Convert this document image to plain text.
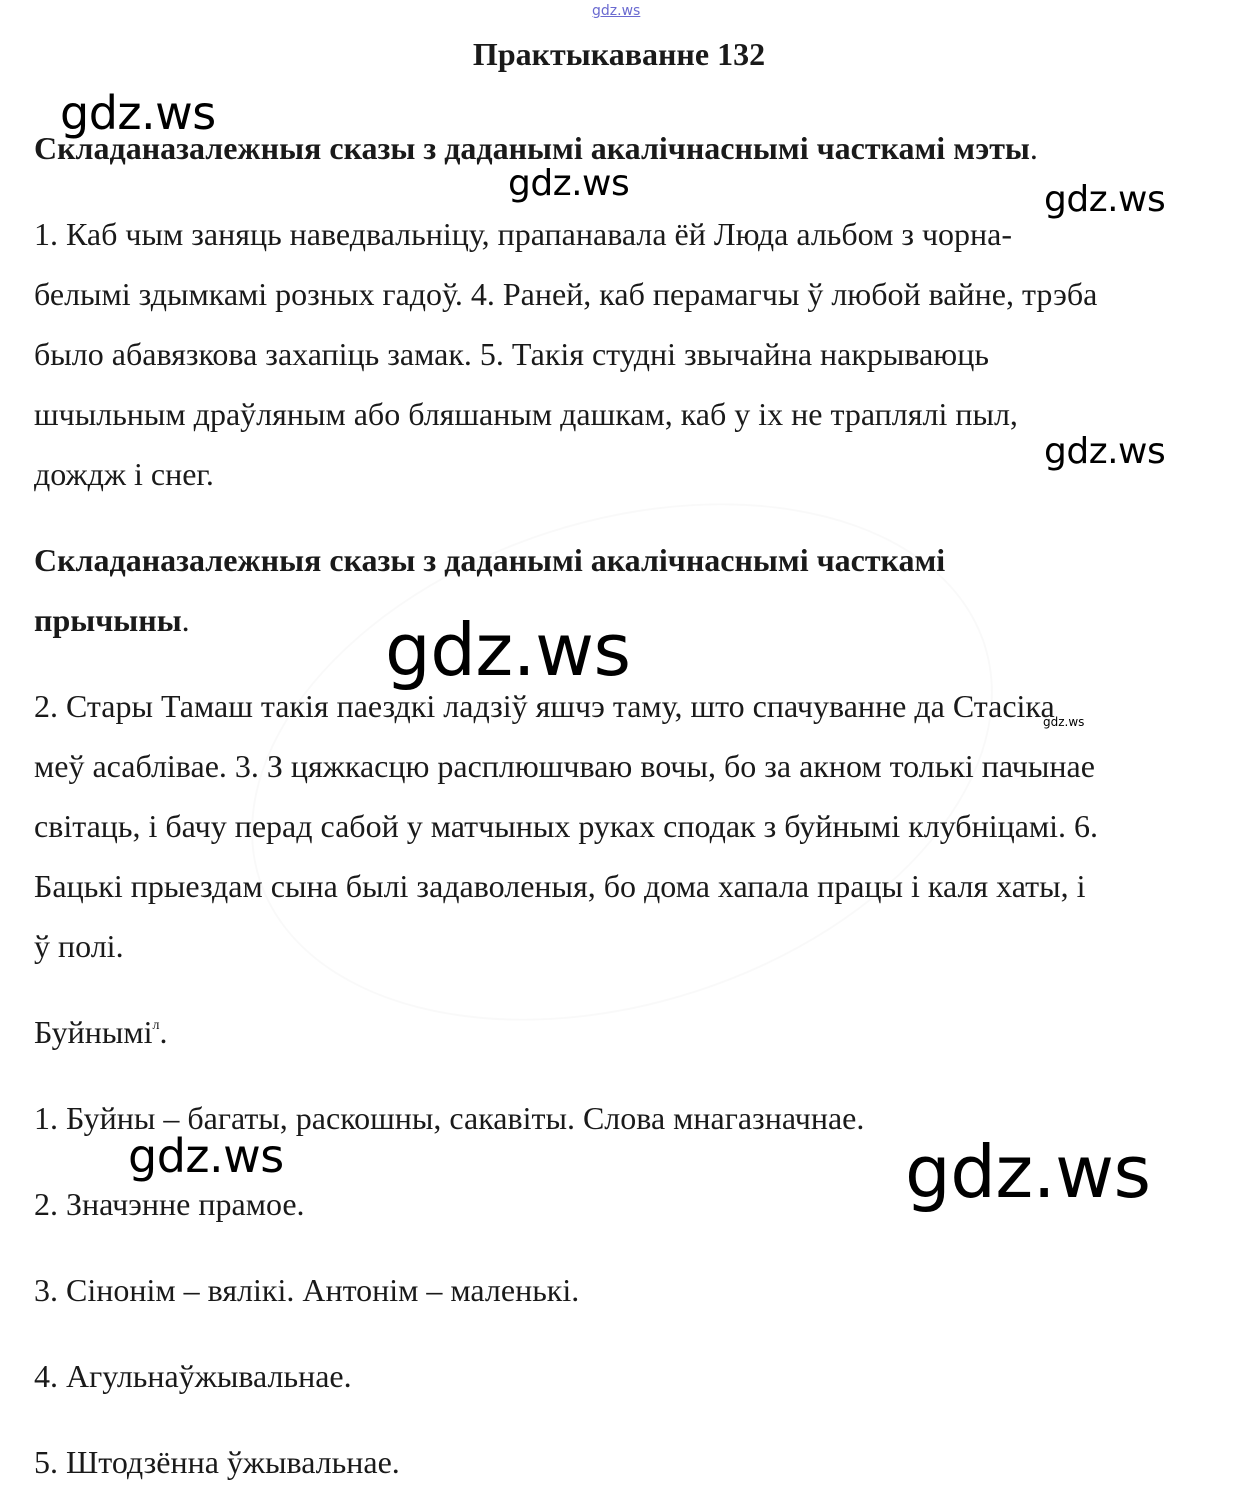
gdz.ws
Практыкаванне 132
Складаназалежныя сказы з даданымі акалічнаснымі часткамі мэты.
1. Каб чым заняць наведвальніцу, прапанавала ёй Люда альбом з чорна-
белымі здымкамі розных гадоў. 4. Раней, каб перамагчы ў любой вайне, трэба
было абавязкова захапіць замак. 5. Такія студні звычайна накрываюць
шчыльным драўляным або бляшаным дашкам, каб у іх не траплялі пыл,
дождж і снег.
Складаназалежныя сказы з даданымі акалічнаснымі часткамі
прычыны.
2. Стары Тамаш такія паездкі ладзіў яшчэ таму, што спачуванне да Стасіка
меў асаблівае. 3. З цяжкасцю расплюшчваю вочы, бо за акном толькі пачынае
світаць, і бачу перад сабой у матчыных руках сподак з буйнымі клубніцамі. 6.
Бацькі прыездам сына былі задаволеныя, бо дома хапала працы і каля хаты, і
ў полі.
Буйнымі$^л$.
1. Буйны – багаты, раскошны, сакавіты. Слова мнагазначнае.
2. Значэнне прамое.
3. Сінонім – вялікі. Антонім – маленькі.
4. Агульнаўжывальнае.
5. Штодзённа ўжывальнае.
gdz.ws
gdz.ws	gdz.ws
gdz.ws
gdz.ws
gdz.ws
gdz.ws	gdz.ws
